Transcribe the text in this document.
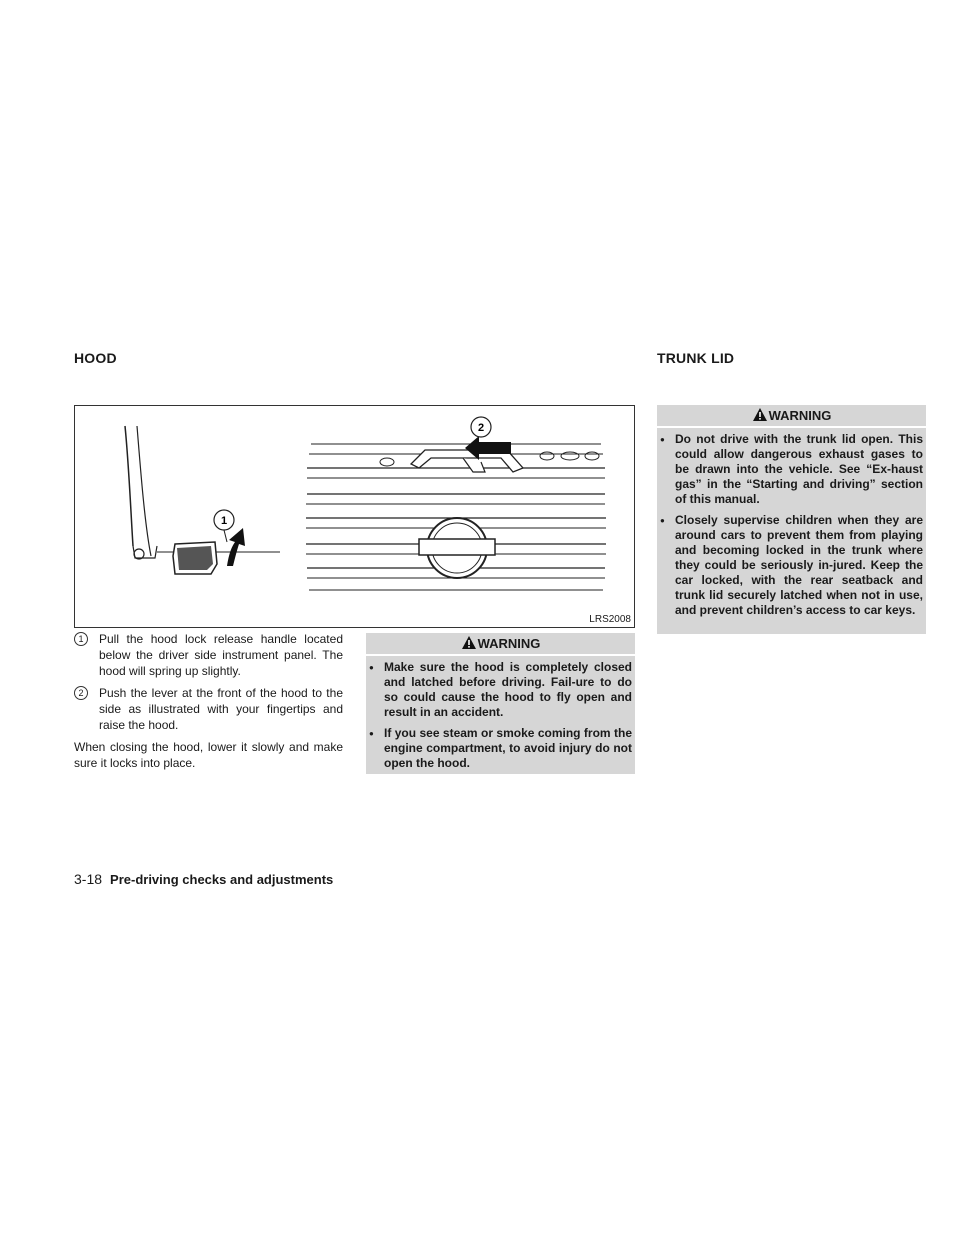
HOOD	TRUNK LID
1
2
LRS2008
1	Pull the hood lock release handle located below the driver side instrument panel. The hood will spring up slightly.
2	Push the lever at the front of the hood to the side as illustrated with your fingertips and raise the hood.

When closing the hood, lower it slowly and make sure it locks into place.

WARNING
● Make sure the hood is completely closed and latched before driving. Fail-ure to do so could cause the hood to fly open and result in an accident.
● If you see steam or smoke coming from the engine compartment, to avoid injury do not open the hood.
WARNING
● Do not drive with the trunk lid open. This could allow dangerous exhaust gases to be drawn into the vehicle. See “Ex-haust gas” in the “Starting and driving” section of this manual.
● Closely supervise children when they are around cars to prevent them from playing and becoming locked in the trunk where they could be seriously in-jured. Keep the car locked, with the rear seatback and trunk lid securely latched when not in use, and prevent children’s access to car keys.
3-18 Pre-driving checks and adjustments
